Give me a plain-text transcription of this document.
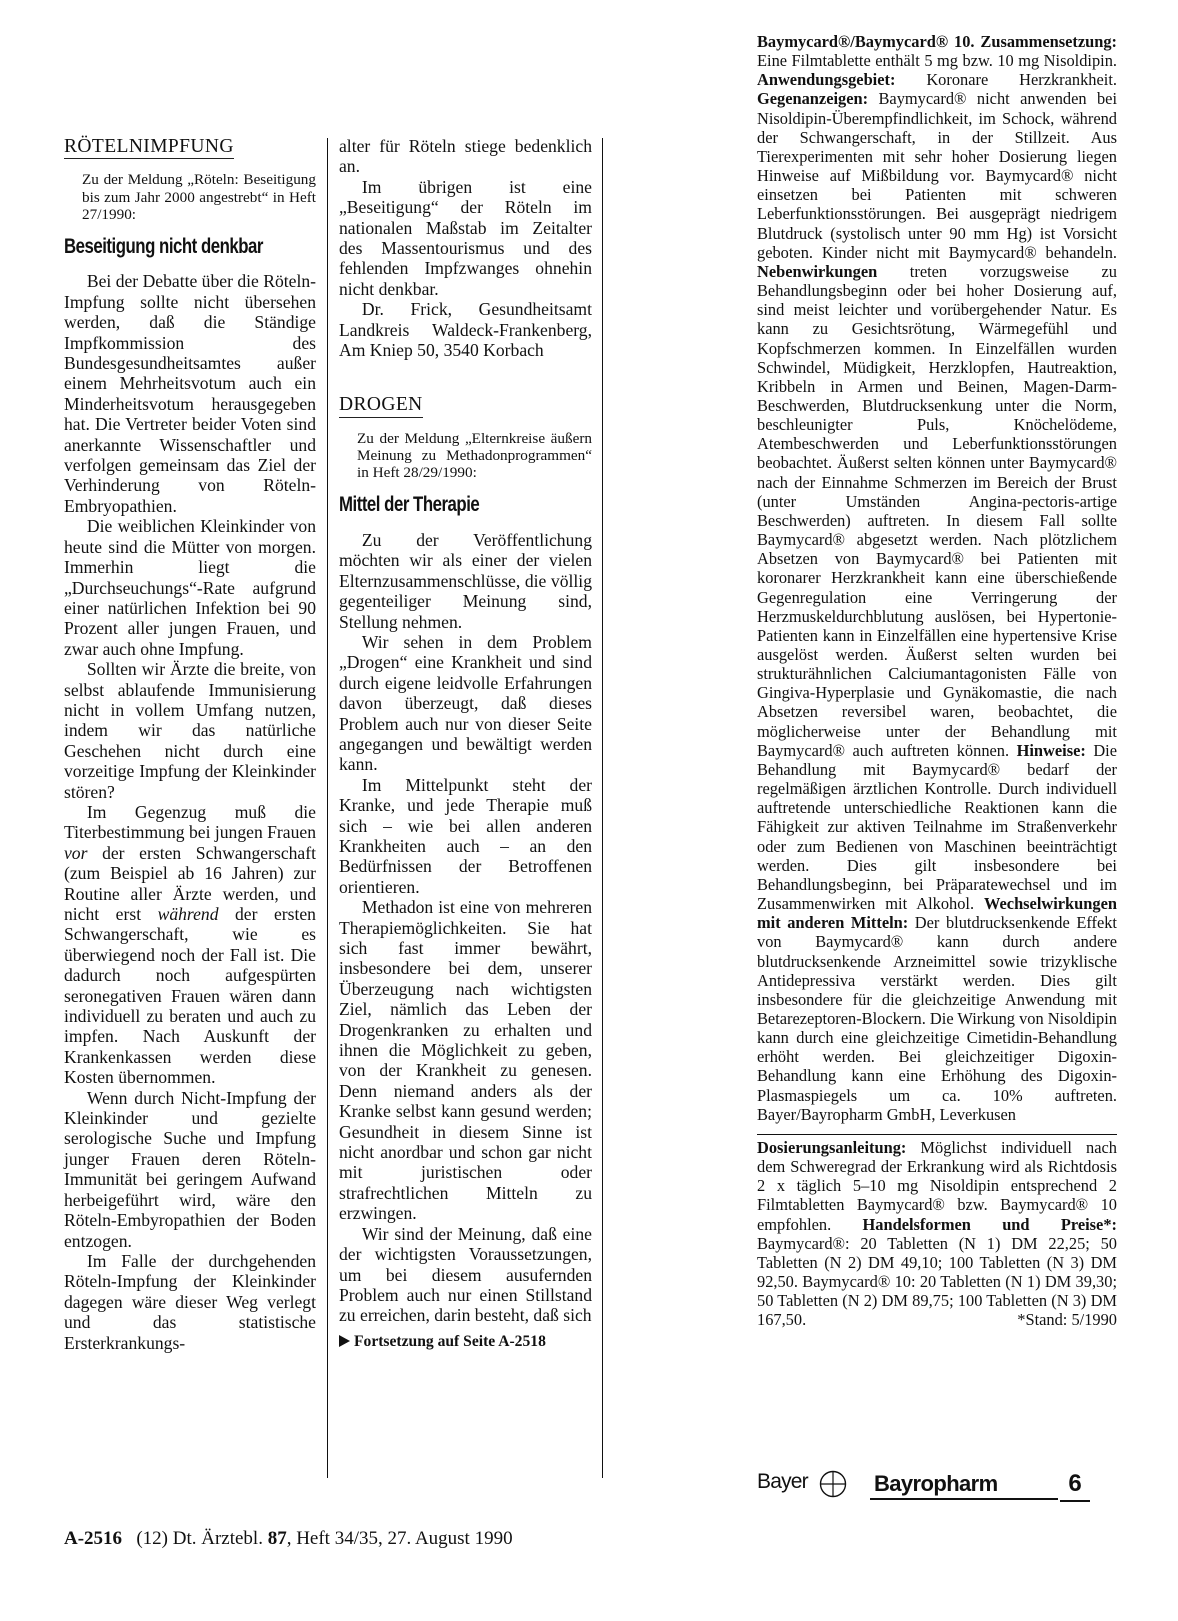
RÖTELNIMPFUNG
Zu der Meldung „Röteln: Beseitigung bis zum Jahr 2000 angestrebt“ in Heft 27/1990:
Beseitigung nicht denkbar

Bei der Debatte über die Röteln-Impfung sollte nicht übersehen werden, daß die Ständige Impfkommission des Bundesgesundheitsamtes außer einem Mehrheitsvotum auch ein Minderheitsvotum herausgegeben hat. Die Vertreter beider Voten sind anerkannte Wissenschaftler und verfolgen gemeinsam das Ziel der Verhinderung von Röteln-Embryopathien.

Die weiblichen Kleinkinder von heute sind die Mütter von morgen. Immerhin liegt die „Durchseuchungs“-Rate aufgrund einer natürlichen Infektion bei 90 Prozent aller jungen Frauen, und zwar auch ohne Impfung.

Sollten wir Ärzte die breite, von selbst ablaufende Immunisierung nicht in vollem Umfang nutzen, indem wir das natürliche Geschehen nicht durch eine vorzeitige Impfung der Kleinkinder stören?

Im Gegenzug muß die Titerbestimmung bei jungen Frauen vor der ersten Schwangerschaft (zum Beispiel ab 16 Jahren) zur Routine aller Ärzte werden, und nicht erst während der ersten Schwangerschaft, wie es überwiegend noch der Fall ist. Die dadurch noch aufgespürten seronegativen Frauen wären dann individuell zu beraten und auch zu impfen. Nach Auskunft der Krankenkassen werden diese Kosten übernommen.

Wenn durch Nicht-Impfung der Kleinkinder und gezielte serologische Suche und Impfung junger Frauen deren Röteln-Immunität bei geringem Aufwand herbeigeführt wird, wäre den Röteln-Embyropathien der Boden entzogen.

Im Falle der durchgehenden Röteln-Impfung der Kleinkinder dagegen wäre dieser Weg verlegt und das statistische Ersterkrankungs-

alter für Röteln stiege bedenklich an.

Im übrigen ist eine „Beseitigung“ der Röteln im nationalen Maßstab im Zeitalter des Massentourismus und des fehlenden Impfzwanges ohnehin nicht denkbar.

Dr. Frick, Gesundheitsamt Landkreis Waldeck-Frankenberg, Am Kniep 50, 3540 Korbach

DROGEN
Zu der Meldung „Elternkreise äußern Meinung zu Methadonprogrammen“ in Heft 28/29/1990:
Mittel der Therapie

Zu der Veröffentlichung möchten wir als einer der vielen Elternzusammenschlüsse, die völlig gegenteiliger Meinung sind, Stellung nehmen.

Wir sehen in dem Problem „Drogen“ eine Krankheit und sind durch eigene leidvolle Erfahrungen davon überzeugt, daß dieses Problem auch nur von dieser Seite angegangen und bewältigt werden kann.

Im Mittelpunkt steht der Kranke, und jede Therapie muß sich – wie bei allen anderen Krankheiten auch – an den Bedürfnissen der Betroffenen orientieren.

Methadon ist eine von mehreren Therapiemöglichkeiten. Sie hat sich fast immer bewährt, insbesondere bei dem, unserer Überzeugung nach wichtigsten Ziel, nämlich das Leben der Drogenkranken zu erhalten und ihnen die Möglichkeit zu geben, von der Krankheit zu genesen. Denn niemand anders als der Kranke selbst kann gesund werden; Gesundheit in diesem Sinne ist nicht anordbar und schon gar nicht mit juristischen oder strafrechtlichen Mitteln zu erzwingen.

Wir sind der Meinung, daß eine der wichtigsten Voraussetzungen, um bei diesem ausufernden Problem auch nur einen Stillstand zu erreichen, darin besteht, daß sich

Fortsetzung auf Seite A-2518

Baymycard®/Baymycard® 10. Zusammensetzung: Eine Filmtablette enthält 5 mg bzw. 10 mg Nisoldipin. Anwendungsgebiet: Koronare Herzkrankheit. Gegenanzeigen: Baymycard® nicht anwenden bei Nisoldipin-Überempfindlichkeit, im Schock, während der Schwangerschaft, in der Stillzeit. Aus Tierexperimenten mit sehr hoher Dosierung liegen Hinweise auf Mißbildung vor. Baymycard® nicht einsetzen bei Patienten mit schweren Leberfunktionsstörungen. Bei ausgeprägt niedrigem Blutdruck (systolisch unter 90 mm Hg) ist Vorsicht geboten. Kinder nicht mit Baymycard® behandeln. Nebenwirkungen treten vorzugsweise zu Behandlungsbeginn oder bei hoher Dosierung auf, sind meist leichter und vorübergehender Natur. Es kann zu Gesichtsrötung, Wärmegefühl und Kopfschmerzen kommen. In Einzelfällen wurden Schwindel, Müdigkeit, Herzklopfen, Hautreaktion, Kribbeln in Armen und Beinen, Magen-Darm-Beschwerden, Blutdrucksenkung unter die Norm, beschleunigter Puls, Knöchelödeme, Atembeschwerden und Leberfunktionsstörungen beobachtet. Äußerst selten können unter Baymycard® nach der Einnahme Schmerzen im Bereich der Brust (unter Umständen Angina-pectoris-artige Beschwerden) auftreten. In diesem Fall sollte Baymycard® abgesetzt werden. Nach plötzlichem Absetzen von Baymycard® bei Patienten mit koronarer Herzkrankheit kann eine überschießende Gegenregulation eine Verringerung der Herzmuskeldurchblutung auslösen, bei Hypertonie-Patienten kann in Einzelfällen eine hypertensive Krise ausgelöst werden. Äußerst selten wurden bei strukturähnlichen Calciumantagonisten Fälle von Gingiva-Hyperplasie und Gynäkomastie, die nach Absetzen reversibel waren, beobachtet, die möglicherweise unter der Behandlung mit Baymycard® auch auftreten können. Hinweise: Die Behandlung mit Baymycard® bedarf der regelmäßigen ärztlichen Kontrolle. Durch individuell auftretende unterschiedliche Reaktionen kann die Fähigkeit zur aktiven Teilnahme im Straßenverkehr oder zum Bedienen von Maschinen beeinträchtigt werden. Dies gilt insbesondere bei Behandlungsbeginn, bei Präparatewechsel und im Zusammenwirken mit Alkohol. Wechselwirkungen mit anderen Mitteln: Der blutdrucksenkende Effekt von Baymycard® kann durch andere blutdrucksenkende Arzneimittel sowie trizyklische Antidepressiva verstärkt werden. Dies gilt insbesondere für die gleichzeitige Anwendung mit Betarezeptoren-Blockern. Die Wirkung von Nisoldipin kann durch eine gleichzeitige Cimetidin-Behandlung erhöht werden. Bei gleichzeitiger Digoxin-Behandlung kann eine Erhöhung des Digoxin-Plasmaspiegels um ca. 10% auftreten. Bayer/Bayropharm GmbH, Leverkusen

Dosierungsanleitung: Möglichst individuell nach dem Schweregrad der Erkrankung wird als Richtdosis 2 x täglich 5–10 mg Nisoldipin entsprechend 2 Filmtabletten Baymycard® bzw. Baymycard® 10 empfohlen. Handelsformen und Preise*: Baymycard®: 20 Tabletten (N 1) DM 22,25; 50 Tabletten (N 2) DM 49,10; 100 Tabletten (N 3) DM 92,50. Baymycard® 10: 20 Tabletten (N 1) DM 39,30; 50 Tabletten (N 2) DM 89,75; 100 Tabletten (N 3) DM 167,50.	*Stand: 5/1990

Bayer	Bayropharm	6
A-2516 (12) Dt. Ärztebl. 87, Heft 34/35, 27. August 1990
